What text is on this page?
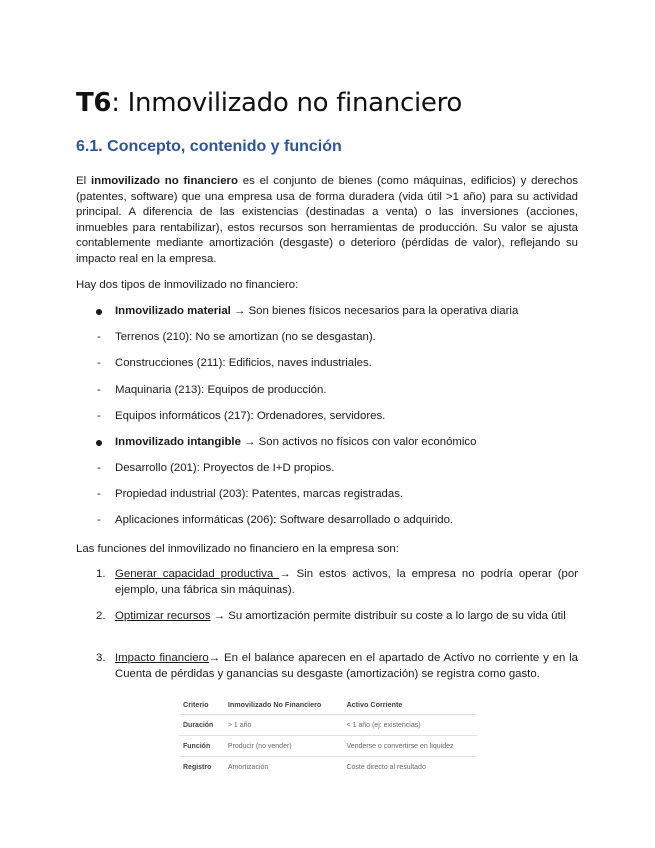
T6: Inmovilizado no financiero
6.1. Concepto, contenido y función

El inmovilizado no financiero es el conjunto de bienes (como máquinas, edificios) y derechos (patentes, software) que una empresa usa de forma duradera (vida útil >1 año) para su actividad principal. A diferencia de las existencias (destinadas a venta) o las inversiones (acciones, inmuebles para rentabilizar), estos recursos son herramientas de producción. Su valor se ajusta contablemente mediante amortización (desgaste) o deterioro (pérdidas de valor), reflejando su impacto real en la empresa.

Hay dos tipos de inmovilizado no financiero:

Inmovilizado material → Son bienes físicos necesarios para la operativa diaria
- Terrenos (210): No se amortizan (no se desgastan).
- Construcciones (211): Edificios, naves industriales.
- Maquinaria (213): Equipos de producción.
- Equipos informáticos (217): Ordenadores, servidores.
Inmovilizado intangible → Son activos no físicos con valor económico
- Desarrollo (201): Proyectos de I+D propios.
- Propiedad industrial (203): Patentes, marcas registradas.
- Aplicaciones informáticas (206): Software desarrollado o adquirido.

Las funciones del inmovilizado no financiero en la empresa son:

1. Generar capacidad productiva → Sin estos activos, la empresa no podría operar (por ejemplo, una fábrica sin máquinas).
2. Optimizar recursos → Su amortización permite distribuir su coste a lo largo de su vida útil
3. Impacto financiero→ En el balance aparecen en el apartado de Activo no corriente y en la Cuenta de pérdidas y ganancias su desgaste (amortización) se registra como gasto.
Criterio	Inmovilizado No Financiero	Activo Corriente
Duración	> 1 año	< 1 año (ej: existencias)
Función	Producir (no vender)	Venderse o convertirse en liquidez
Registro	Amortización	Coste directo al resultado
